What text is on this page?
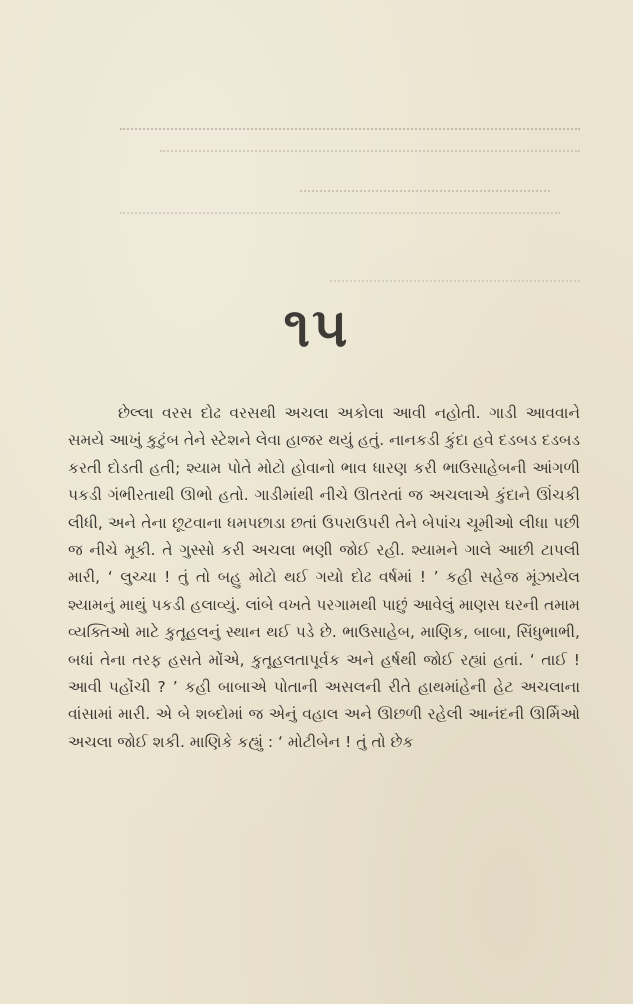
૧૫

છેલ્લા વરસ દોઢ વરસથી અચલા અકોલા આવી નહોતી. ગાડી આવવાને સમયે આખું કુટુંબ તેને સ્ટેશને લેવા હાજર થયું હતું. નાનકડી કુંદા હવે દડબડ દડબડ કરતી દોડતી હતી; શ્યામ પોતે મોટો હોવાનો ભાવ ધારણ કરી ભાઉસાહેબની આંગળી પકડી ગંભીરતાથી ઊભો હતો. ગાડીમાંથી નીચે ઊતરતાં જ અચલાએ કુંદાને ઊંચકી લીધી, અને તેના છૂટવાના ધમપછાડા છતાં ઉપરાઉપરી તેને બેપાંચ ચૂમીઓ લીધા પછી જ નીચે મૂકી. તે ગુસ્સો કરી અચલા ભણી જોઈ રહી. શ્યામને ગાલે આછી ટાપલી મારી, ‘ લુચ્ચા ! તું તો બહુ મોટો થઈ ગયો દોઢ વર્ષમાં ! ’ કહી સહેજ મૂંઝાયેલ શ્યામનું માથું પકડી હલાવ્યું. લાંબે વખતે પરગામથી પાછું આવેલું માણસ ઘરની તમામ વ્યક્તિઓ માટે કુતૂહલનું સ્થાન થઈ પડે છે. ભાઉસાહેબ, માણિક, બાબા, સિંધુભાભી, બધાં તેના તરફ હસતે મોંએ, કુતૂહલતાપૂર્વક અને હર્ષથી જોઈ રહ્યાં હતાં. ‘ તાઈ ! આવી પહોંચી ? ’ કહી બાબાએ પોતાની અસલની રીતે હાથમાંહેની હેટ અચલાના વાંસામાં મારી. એ બે શબ્દોમાં જ એનું વહાલ અને ઊછળી રહેલી આનંદની ઊર્મિઓ અચલા જોઈ શકી. માણિકે કહ્યું : ‘ મોટીબેન ! તું તો છેક
